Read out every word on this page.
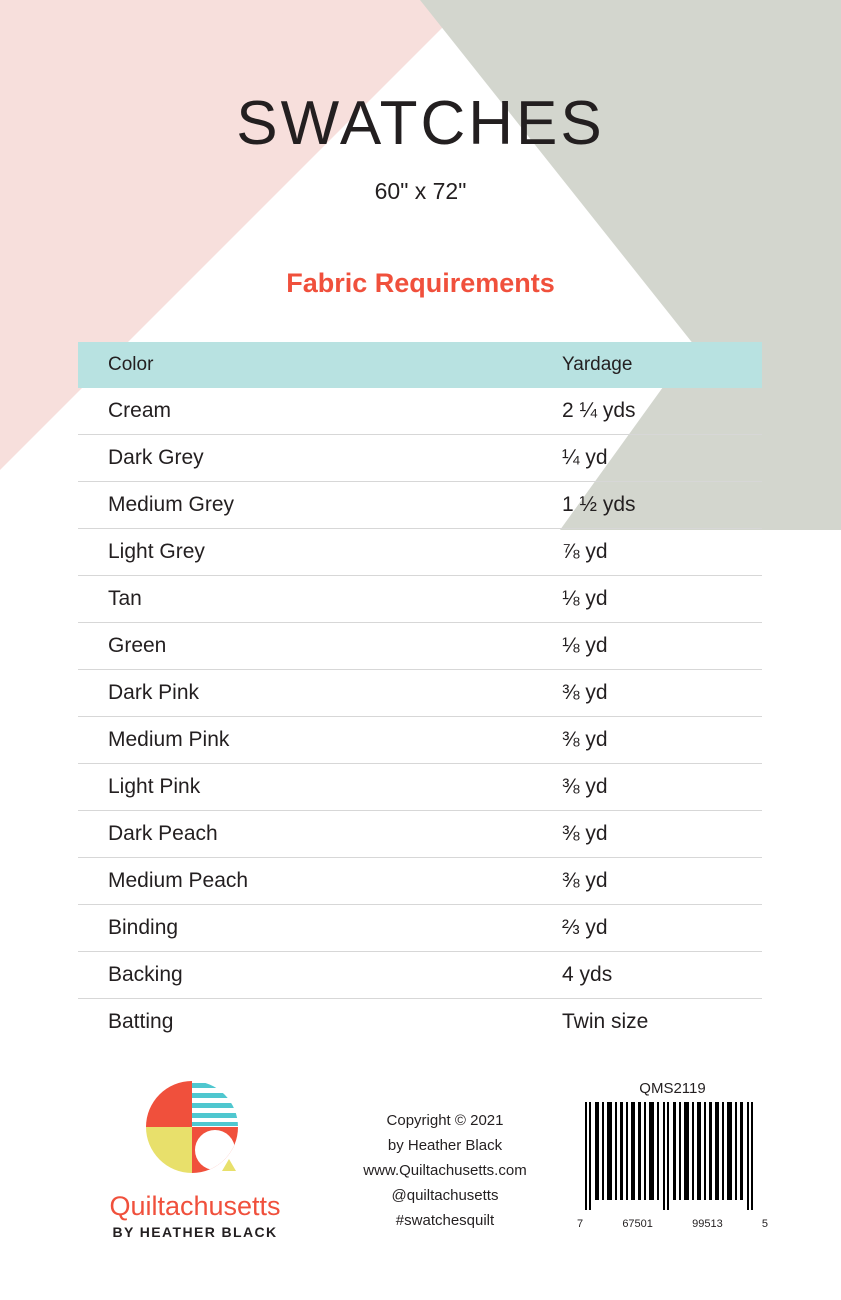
SWATCHES
60" x 72"
Fabric Requirements
Color	Yardage
Cream	2 ¼ yds
Dark Grey	¼ yd
Medium Grey	1 ½ yds
Light Grey	⅞ yd
Tan	⅛ yd
Green	⅛ yd
Dark Pink	⅜ yd
Medium Pink	⅜ yd
Light Pink	⅜ yd
Dark Peach	⅜ yd
Medium Peach	⅜ yd
Binding	⅔ yd
Backing	4 yds
Batting	Twin size
Quiltachusetts
BY HEATHER BLACK
Copyright © 2021
by Heather Black
www.Quiltachusetts.com
@quiltachusetts
#swatchesquilt
QMS2119
7	67501	99513	5
